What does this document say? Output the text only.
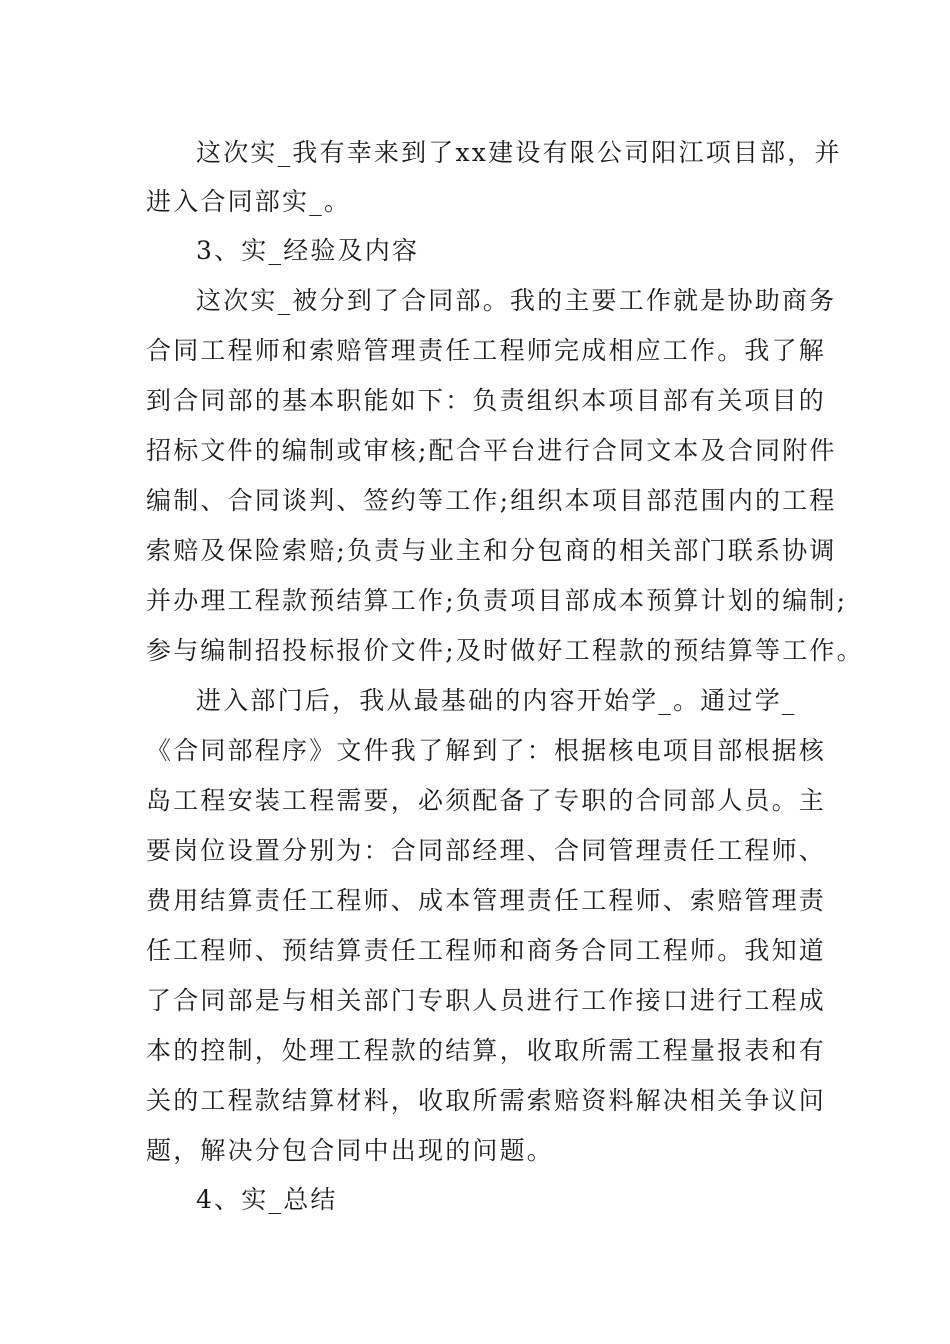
这次实_我有幸来到了xx建设有限公司阳江项目部，并
进入合同部实_。
3、实_经验及内容
这次实_被分到了合同部。我的主要工作就是协助商务
合同工程师和索赔管理责任工程师完成相应工作。我了解
到合同部的基本职能如下：负责组织本项目部有关项目的
招标文件的编制或审核;配合平台进行合同文本及合同附件
编制、合同谈判、签约等工作;组织本项目部范围内的工程
索赔及保险索赔;负责与业主和分包商的相关部门联系协调
并办理工程款预结算工作;负责项目部成本预算计划的编制;
参与编制招投标报价文件;及时做好工程款的预结算等工作。
进入部门后，我从最基础的内容开始学_。通过学_
《合同部程序》文件我了解到了：根据核电项目部根据核
岛工程安装工程需要，必须配备了专职的合同部人员。主
要岗位设置分别为：合同部经理、合同管理责任工程师、
费用结算责任工程师、成本管理责任工程师、索赔管理责
任工程师、预结算责任工程师和商务合同工程师。我知道
了合同部是与相关部门专职人员进行工作接口进行工程成
本的控制，处理工程款的结算，收取所需工程量报表和有
关的工程款结算材料，收取所需索赔资料解决相关争议问
题，解决分包合同中出现的问题。
4、实_总结
